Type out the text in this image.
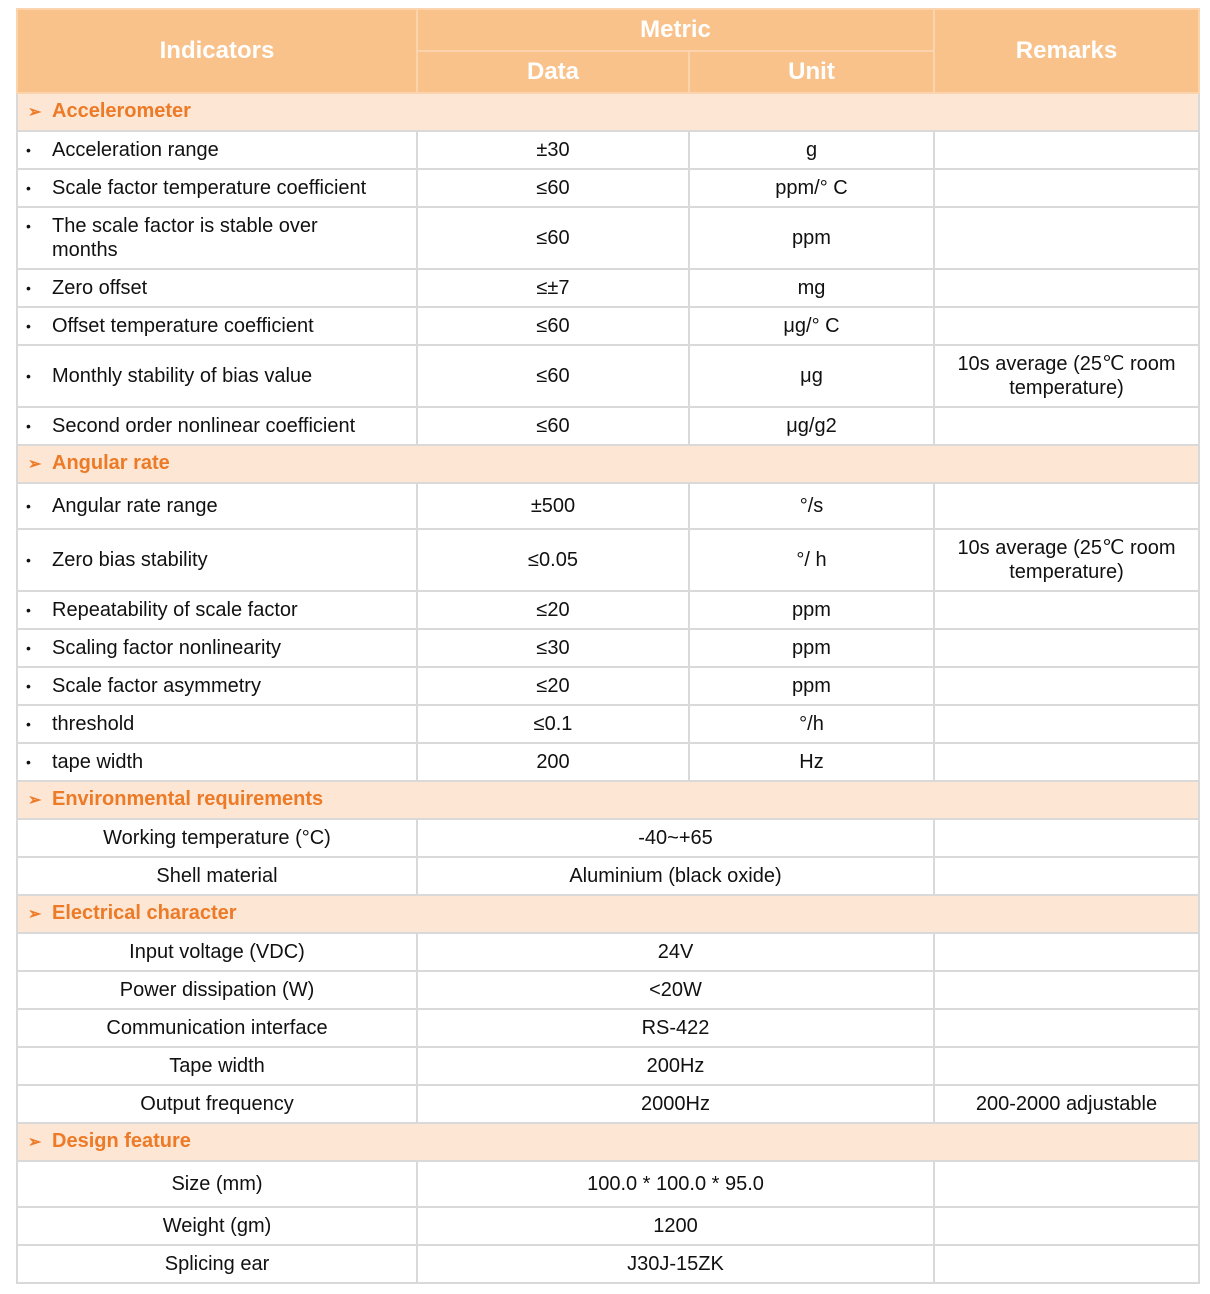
Indicators	Metric		Remarks
	Data	Unit	
➢ Accelerometer			
• Acceleration range	±30	g	
• Scale factor temperature coefficient	≤60	ppm/° C	
• The scale factor is stable over months	≤60	ppm	
• Zero offset	≤±7	mg	
• Offset temperature coefficient	≤60	μg/° C	
• Monthly stability of bias value	≤60	μg	10s average (25℃ room temperature)
• Second order nonlinear coefficient	≤60	μg/g2	
➢ Angular rate			
• Angular rate range	±500	°/s	
• Zero bias stability	≤0.05	°/ h	10s average (25℃ room temperature)
• Repeatability of scale factor	≤20	ppm	
• Scaling factor nonlinearity	≤30	ppm	
• Scale factor asymmetry	≤20	ppm	
• threshold	≤0.1	°/h	
• tape width	200	Hz	
➢ Environmental requirements			
Working temperature (°C)	-40~+65		
Shell material	Aluminium (black oxide)		
➢ Electrical character			
Input voltage (VDC)	24V		
Power dissipation (W)	<20W		
Communication interface	RS-422		
Tape width	200Hz		
Output frequency	2000Hz		200-2000 adjustable
➢ Design feature			
Size (mm)	100.0 * 100.0 * 95.0		
Weight (gm)	1200		
Splicing ear	J30J-15ZK		
